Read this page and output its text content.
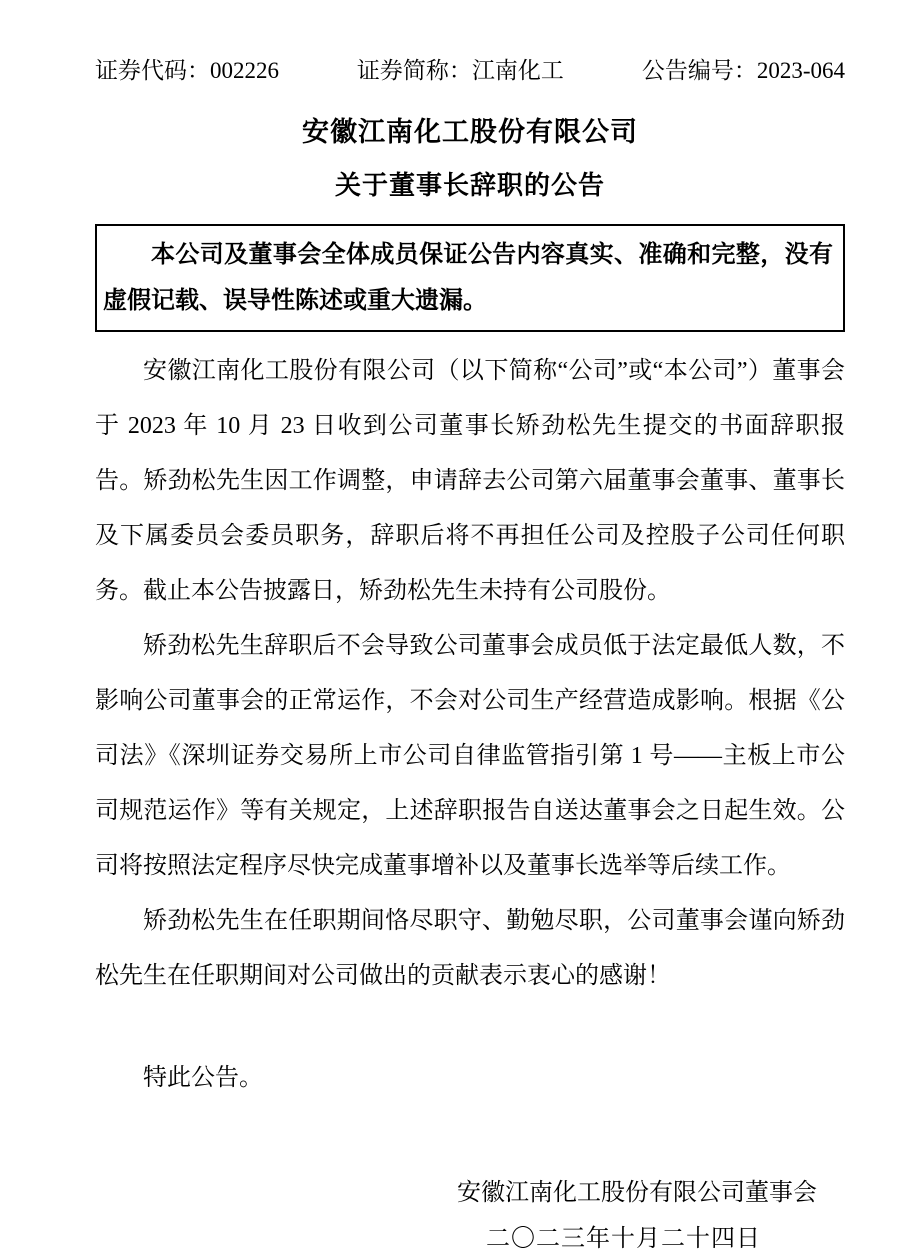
证券代码：002226	证券简称：江南化工	公告编号：2023-064
安徽江南化工股份有限公司
关于董事长辞职的公告

本公司及董事会全体成员保证公告内容真实、准确和完整，没有虚假记载、误导性陈述或重大遗漏。

安徽江南化工股份有限公司（以下简称“公司”或“本公司”）董事会于 2023 年 10 月 23 日收到公司董事长矫劲松先生提交的书面辞职报告。矫劲松先生因工作调整，申请辞去公司第六届董事会董事、董事长及下属委员会委员职务，辞职后将不再担任公司及控股子公司任何职务。截止本公告披露日，矫劲松先生未持有公司股份。

矫劲松先生辞职后不会导致公司董事会成员低于法定最低人数，不影响公司董事会的正常运作，不会对公司生产经营造成影响。根据《公司法》《深圳证券交易所上市公司自律监管指引第 1 号——主板上市公司规范运作》等有关规定，上述辞职报告自送达董事会之日起生效。公司将按照法定程序尽快完成董事增补以及董事长选举等后续工作。

矫劲松先生在任职期间恪尽职守、勤勉尽职，公司董事会谨向矫劲松先生在任职期间对公司做出的贡献表示衷心的感谢！

特此公告。

安徽江南化工股份有限公司董事会

二〇二三年十月二十四日
